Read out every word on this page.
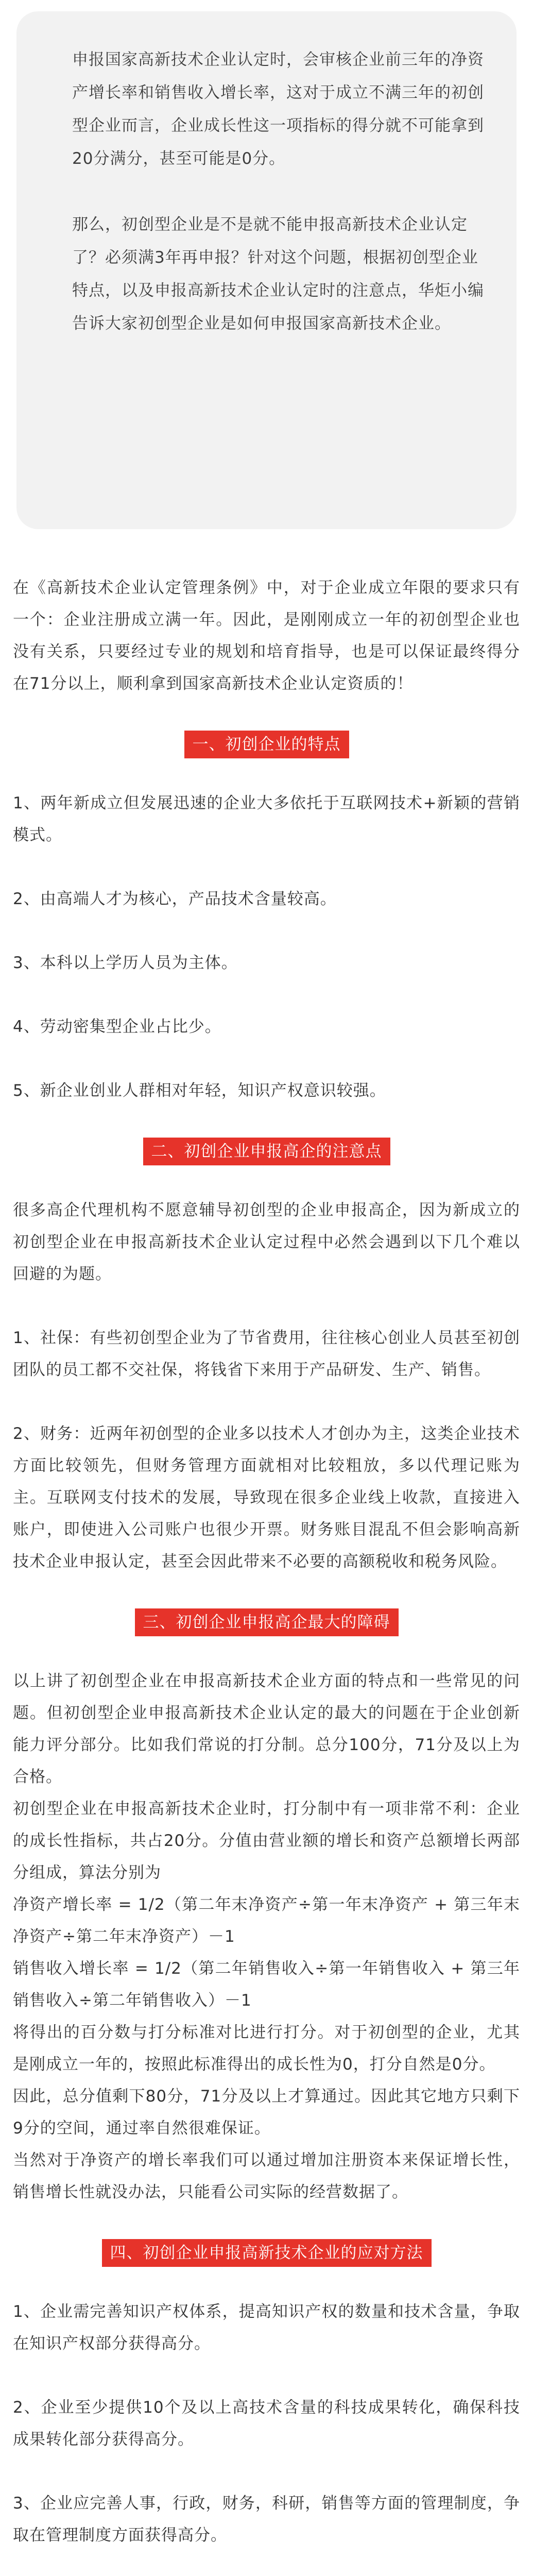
申报国家高新技术企业认定时，会审核企业前三年的净资产增长率和销售收入增长率，这对于成立不满三年的初创型企业而言，企业成长性这一项指标的得分就不可能拿到20分满分，甚至可能是0分。

那么，初创型企业是不是就不能申报高新技术企业认定了？必须满3年再申报？针对这个问题，根据初创型企业特点，以及申报高新技术企业认定时的注意点，华炬小编告诉大家初创型企业是如何申报国家高新技术企业。

在《高新技术企业认定管理条例》中，对于企业成立年限的要求只有一个：企业注册成立满一年。因此，是刚刚成立一年的初创型企业也没有关系，只要经过专业的规划和培育指导，也是可以保证最终得分在71分以上，顺利拿到国家高新技术企业认定资质的！

一、初创企业的特点

1、两年新成立但发展迅速的企业大多依托于互联网技术+新颖的营销模式。

2、由高端人才为核心，产品技术含量较高。

3、本科以上学历人员为主体。

4、劳动密集型企业占比少。

5、新企业创业人群相对年轻，知识产权意识较强。

二、初创企业申报高企的注意点

很多高企代理机构不愿意辅导初创型的企业申报高企，因为新成立的初创型企业在申报高新技术企业认定过程中必然会遇到以下几个难以回避的为题。

1、社保：有些初创型企业为了节省费用，往往核心创业人员甚至初创团队的员工都不交社保，将钱省下来用于产品研发、生产、销售。

2、财务：近两年初创型的企业多以技术人才创办为主，这类企业技术方面比较领先，但财务管理方面就相对比较粗放，多以代理记账为主。互联网支付技术的发展，导致现在很多企业线上收款，直接进入账户，即使进入公司账户也很少开票。财务账目混乱不但会影响高新技术企业申报认定，甚至会因此带来不必要的高额税收和税务风险。

三、初创企业申报高企最大的障碍

以上讲了初创型企业在申报高新技术企业方面的特点和一些常见的问题。但初创型企业申报高新技术企业认定的最大的问题在于企业创新能力评分部分。比如我们常说的打分制。总分100分，71分及以上为合格。

初创型企业在申报高新技术企业时，打分制中有一项非常不利：企业的成长性指标，共占20分。分值由营业额的增长和资产总额增长两部分组成，算法分别为

净资产增长率 = 1/2（第二年末净资产÷第一年末净资产 + 第三年末净资产÷第二年末净资产）－1

销售收入增长率 = 1/2（第二年销售收入÷第一年销售收入 + 第三年销售收入÷第二年销售收入）－1

将得出的百分数与打分标准对比进行打分。对于初创型的企业，尤其是刚成立一年的，按照此标准得出的成长性为0，打分自然是0分。

因此，总分值剩下80分，71分及以上才算通过。因此其它地方只剩下9分的空间，通过率自然很难保证。

当然对于净资产的增长率我们可以通过增加注册资本来保证增长性，销售增长性就没办法，只能看公司实际的经营数据了。

四、初创企业申报高新技术企业的应对方法

1、企业需完善知识产权体系，提高知识产权的数量和技术含量，争取在知识产权部分获得高分。

2、企业至少提供10个及以上高技术含量的科技成果转化，确保科技成果转化部分获得高分。

3、企业应完善人事，行政，财务，科研，销售等方面的管理制度，争取在管理制度方面获得高分。
